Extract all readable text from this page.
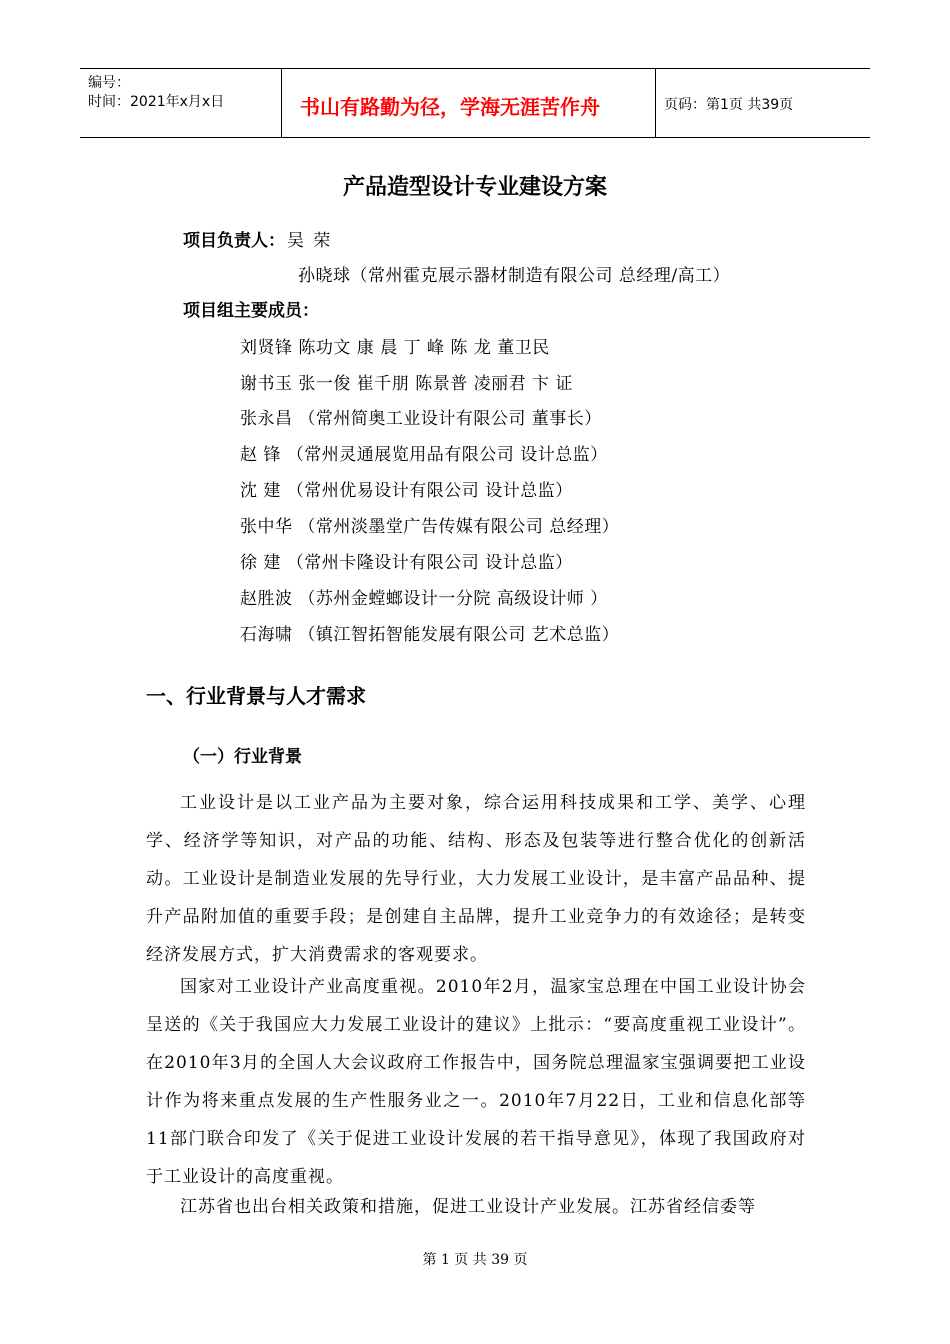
编号：
时间：2021年x月x日	书山有路勤为径，学海无涯苦作舟	页码：第1页 共39页
产品造型设计专业建设方案
项目负责人： 吴 荣
孙晓球（常州霍克展示器材制造有限公司 总经理/高工）
项目组主要成员：
刘贤锋 陈功文 康 晨 丁 峰 陈 龙 董卫民
谢书玉 张一俊 崔千朋 陈景普 凌丽君 卞 证
张永昌 （常州简奥工业设计有限公司 董事长）
赵 锋 （常州灵通展览用品有限公司 设计总监）
沈 建 （常州优易设计有限公司 设计总监）
张中华 （常州淡墨堂广告传媒有限公司 总经理）
徐 建 （常州卡隆设计有限公司 设计总监）
赵胜波 （苏州金螳螂设计一分院 高级设计师 ）
石海啸 （镇江智拓智能发展有限公司 艺术总监）
一、行业背景与人才需求
（一）行业背景
工业设计是以工业产品为主要对象，综合运用科技成果和工学、美学、心理学、经济学等知识，对产品的功能、结构、形态及包装等进行整合优化的创新活动。工业设计是制造业发展的先导行业，大力发展工业设计，是丰富产品品种、提升产品附加值的重要手段；是创建自主品牌，提升工业竞争力的有效途径；是转变经济发展方式，扩大消费需求的客观要求。
国家对工业设计产业高度重视。2010年2月，温家宝总理在中国工业设计协会呈送的《关于我国应大力发展工业设计的建议》上批示：“要高度重视工业设计”。在2010年3月的全国人大会议政府工作报告中，国务院总理温家宝强调要把工业设计作为将来重点发展的生产性服务业之一。2010年7月22日，工业和信息化部等11部门联合印发了《关于促进工业设计发展的若干指导意见》，体现了我国政府对于工业设计的高度重视。
江苏省也出台相关政策和措施，促进工业设计产业发展。江苏省经信委等
第 1 页 共 39 页
